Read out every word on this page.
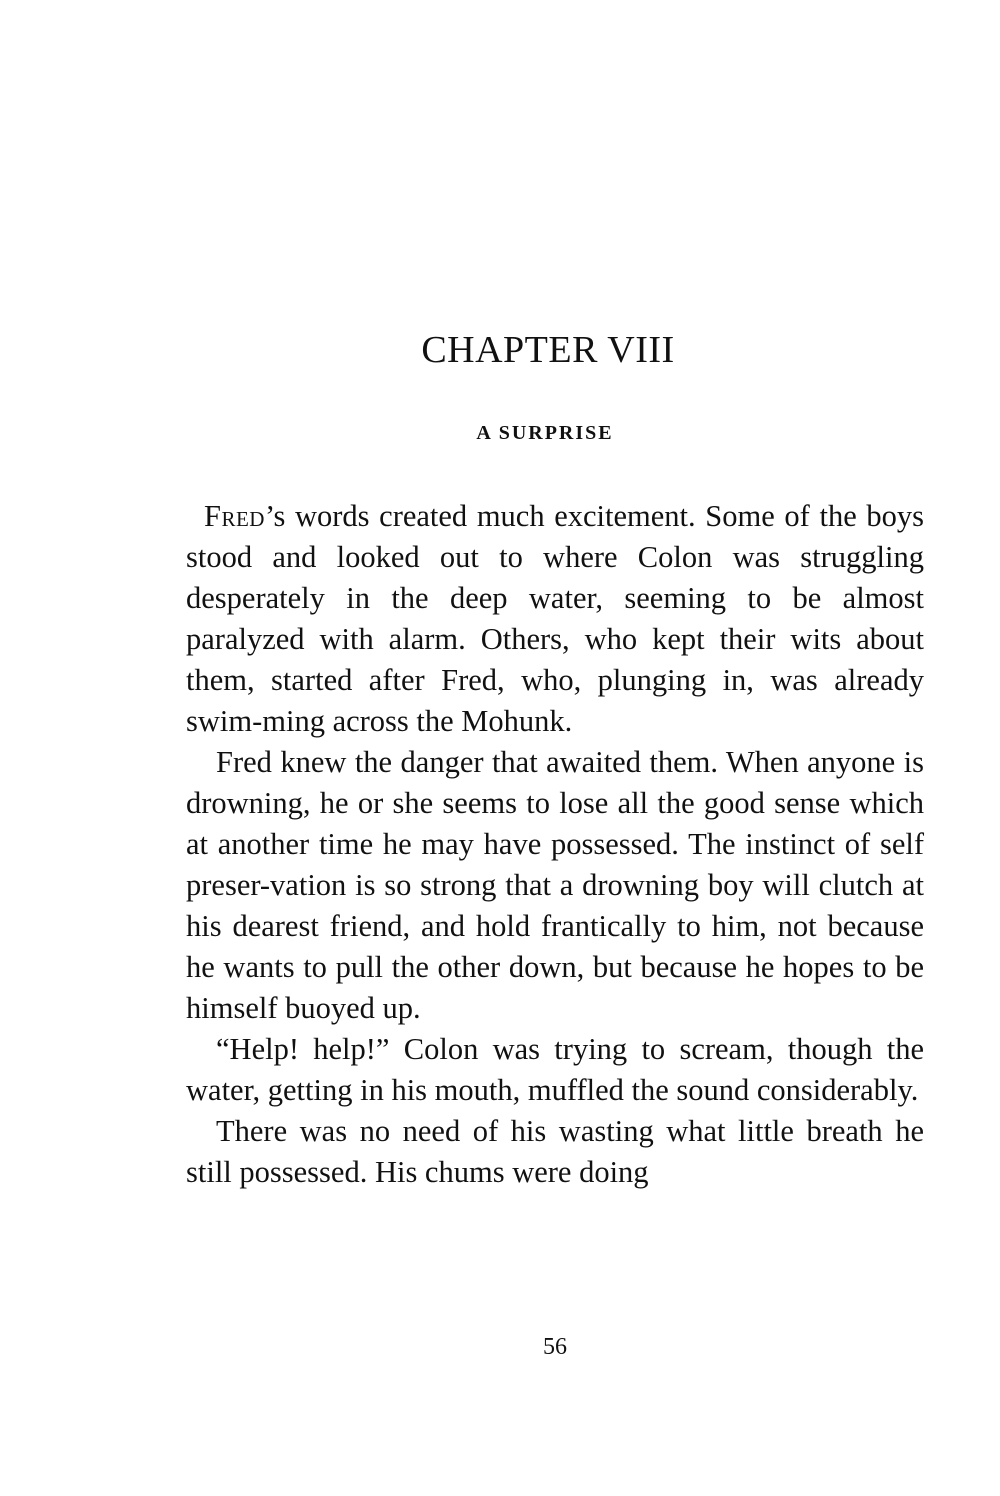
CHAPTER VIII
A SURPRISE

Fred’s words created much excitement. Some of the boys stood and looked out to where Colon was struggling desperately in the deep water, seeming to be almost paralyzed with alarm. Others, who kept their wits about them, started after Fred, who, plunging in, was already swim-ming across the Mohunk.

Fred knew the danger that awaited them. When anyone is drowning, he or she seems to lose all the good sense which at another time he may have possessed. The instinct of self preser-vation is so strong that a drowning boy will clutch at his dearest friend, and hold frantically to him, not because he wants to pull the other down, but because he hopes to be himself buoyed up.

“Help! help!” Colon was trying to scream, though the water, getting in his mouth, muffled the sound considerably.

There was no need of his wasting what little breath he still possessed. His chums were doing

56
